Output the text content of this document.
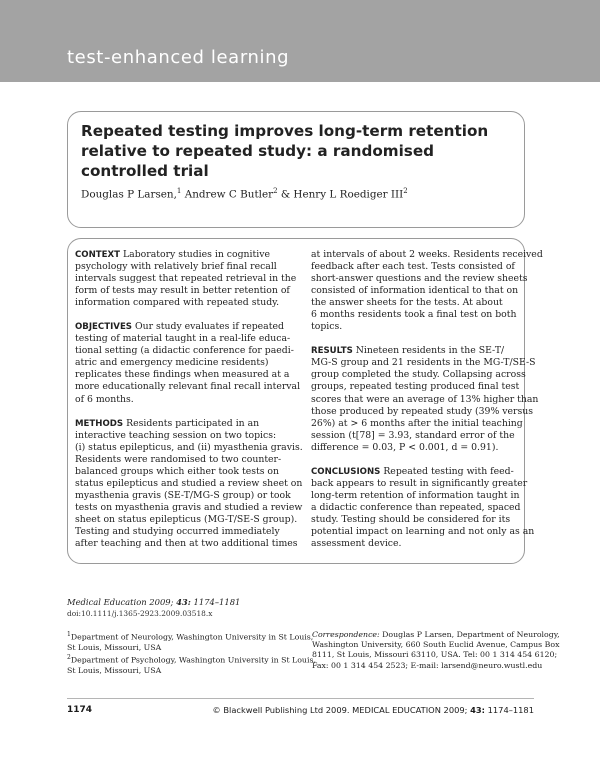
test-enhanced learning
Repeated testing improves long-term retention relative to repeated study: a randomised controlled trial
Douglas P Larsen,$^1$ Andrew C Butler$^2$ & Henry L Roediger III$^2$

CONTEXT Laboratory studies in cognitive
psychology with relatively brief final recall
intervals suggest that repeated retrieval in the
form of tests may result in better retention of
information compared with repeated study.

OBJECTIVES Our study evaluates if repeated
testing of material taught in a real-life educa-
tional setting (a didactic conference for paedi-
atric and emergency medicine residents)
replicates these findings when measured at a
more educationally relevant final recall interval
of 6 months.

METHODS Residents participated in an
interactive teaching session on two topics:
(i) status epilepticus, and (ii) myasthenia gravis.
Residents were randomised to two counter-
balanced groups which either took tests on
status epilepticus and studied a review sheet on
myasthenia gravis (SE-T/MG-S group) or took
tests on myasthenia gravis and studied a review
sheet on status epilepticus (MG-T/SE-S group).
Testing and studying occurred immediately
after teaching and then at two additional times

at intervals of about 2 weeks. Residents received
feedback after each test. Tests consisted of
short-answer questions and the review sheets
consisted of information identical to that on
the answer sheets for the tests. At about
6 months residents took a final test on both
topics.

RESULTS Nineteen residents in the SE-T/
MG-S group and 21 residents in the MG-T/SE-S
group completed the study. Collapsing across
groups, repeated testing produced final test
scores that were an average of 13% higher than
those produced by repeated study (39% versus
26%) at > 6 months after the initial teaching
session (t[78] = 3.93, standard error of the
difference = 0.03, P < 0.001, d = 0.91).

CONCLUSIONS Repeated testing with feed-
back appears to result in significantly greater
long-term retention of information taught in
a didactic conference than repeated, spaced
study. Testing should be considered for its
potential impact on learning and not only as an
assessment device.

Medical Education 2009; 43: 1174–1181
doi:10.1111/j.1365-2923.2009.03518.x
$^1$Department of Neurology, Washington University in St Louis,
St Louis, Missouri, USA
$^2$Department of Psychology, Washington University in St Louis,
St Louis, Missouri, USA
Correspondence: Douglas P Larsen, Department of Neurology,
Washington University, 660 South Euclid Avenue, Campus Box
8111, St Louis, Missouri 63110, USA. Tel: 00 1 314 454 6120;
Fax: 00 1 314 454 2523; E-mail: larsend@neuro.wustl.edu
1174	© Blackwell Publishing Ltd 2009. MEDICAL EDUCATION 2009; 43: 1174–1181
